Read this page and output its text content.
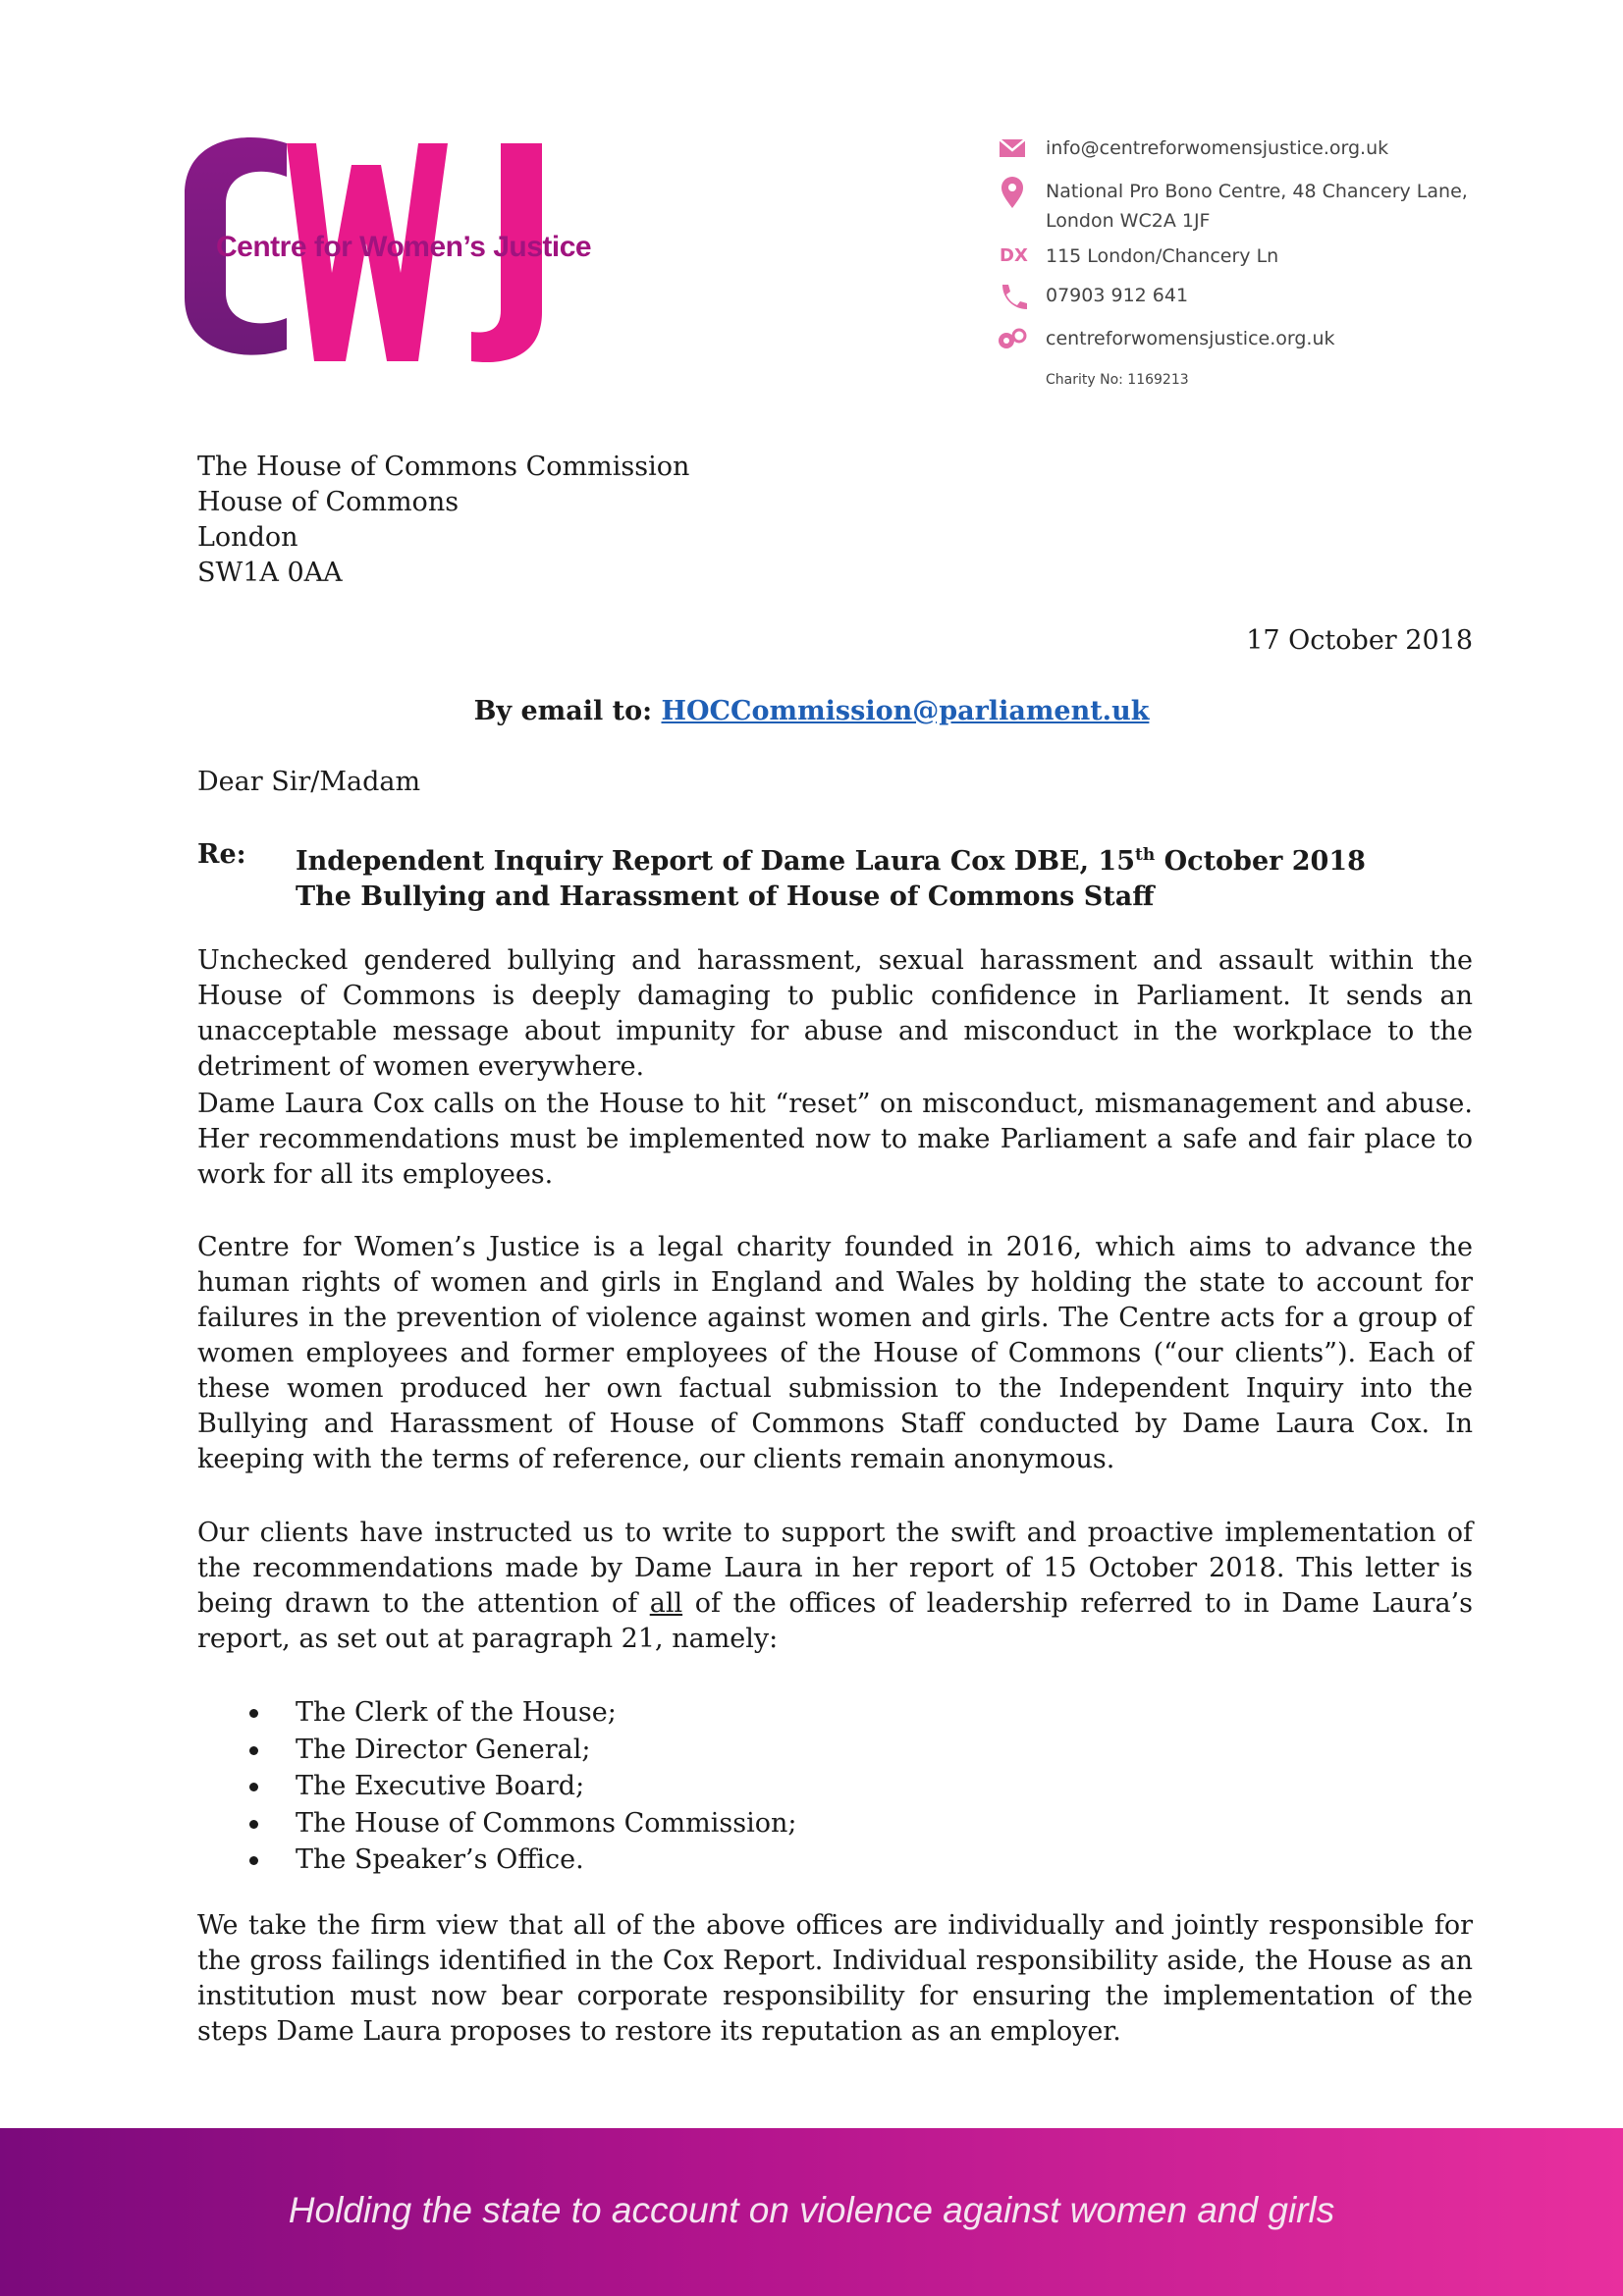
Centre for Women’s Justice
info@centreforwomensjustice.org.uk
National Pro Bono Centre, 48 Chancery Lane,
London WC2A 1JF
DX 115 London/Chancery Ln
07903 912 641
centreforwomensjustice.org.uk
Charity No: 1169213
The House of Commons Commission
House of Commons
London
SW1A 0AA
17 October 2018
By email to: HOCCommission@parliament.uk
Dear Sir/Madam
Re: Independent Inquiry Report of Dame Laura Cox DBE, 15th October 2018
The Bullying and Harassment of House of Commons Staff
Unchecked gendered bullying and harassment, sexual harassment and assault within the House of Commons is deeply damaging to public confidence in Parliament. It sends an unacceptable message about impunity for abuse and misconduct in the workplace to the detriment of women everywhere.
Dame Laura Cox calls on the House to hit “reset” on misconduct, mismanagement and abuse. Her recommendations must be implemented now to make Parliament a safe and fair place to work for all its employees.
Centre for Women’s Justice is a legal charity founded in 2016, which aims to advance the human rights of women and girls in England and Wales by holding the state to account for failures in the prevention of violence against women and girls. The Centre acts for a group of women employees and former employees of the House of Commons (“our clients”). Each of these women produced her own factual submission to the Independent Inquiry into the Bullying and Harassment of House of Commons Staff conducted by Dame Laura Cox. In keeping with the terms of reference, our clients remain anonymous.
Our clients have instructed us to write to support the swift and proactive implementation of the recommendations made by Dame Laura in her report of 15 October 2018. This letter is being drawn to the attention of all of the offices of leadership referred to in Dame Laura’s report, as set out at paragraph 21, namely:
The Clerk of the House;
The Director General;
The Executive Board;
The House of Commons Commission;
The Speaker’s Office.
We take the firm view that all of the above offices are individually and jointly responsible for the gross failings identified in the Cox Report. Individual responsibility aside, the House as an institution must now bear corporate responsibility for ensuring the implementation of the steps Dame Laura proposes to restore its reputation as an employer.
Holding the state to account on violence against women and girls
